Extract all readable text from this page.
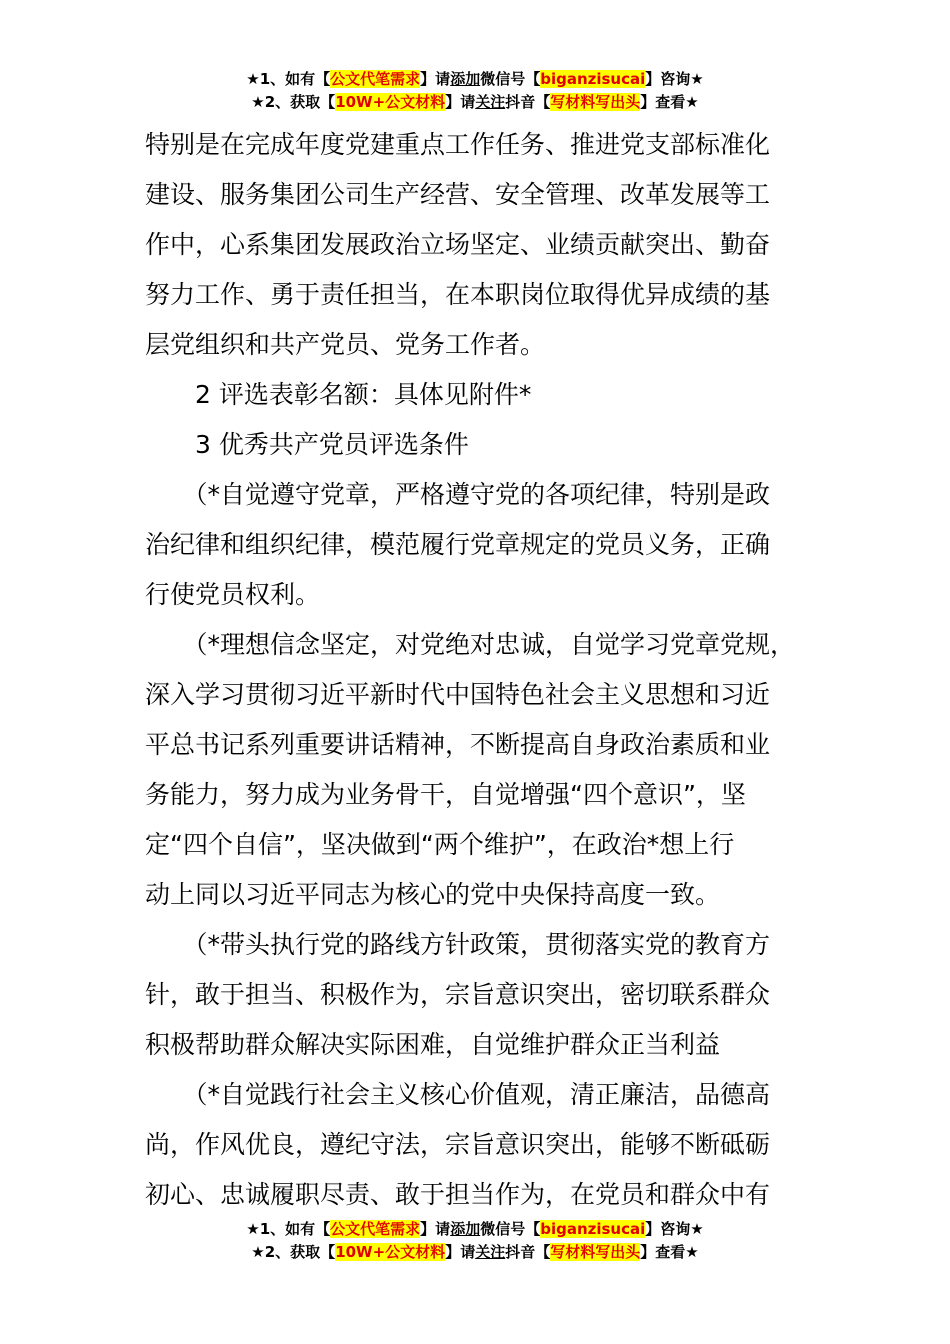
★1、如有【公文代笔需求】请添加微信号【biganzisucai】咨询★
★2、获取【10W+公文材料】请关注抖音【写材料写出头】查看★

特别是在完成年度党建重点工作任务、推进党支部标准化

建设、服务集团公司生产经营、安全管理、改革发展等工

作中，心系集团发展政治立场坚定、业绩贡献突出、勤奋

努力工作、勇于责任担当，在本职岗位取得优异成绩的基

层党组织和共产党员、党务工作者。

　　2 评选表彰名额：具体见附件*

　　3 优秀共产党员评选条件

　　（*自觉遵守党章，严格遵守党的各项纪律，特别是政

治纪律和组织纪律，模范履行党章规定的党员义务，正确

行使党员权利。

　　（*理想信念坚定，对党绝对忠诚，自觉学习党章党规，

深入学习贯彻习近平新时代中国特色社会主义思想和习近

平总书记系列重要讲话精神，不断提高自身政治素质和业

务能力，努力成为业务骨干，自觉增强“四个意识”，坚

定“四个自信”，坚决做到“两个维护”，在政治*想上行

动上同以习近平同志为核心的党中央保持高度一致。

　　（*带头执行党的路线方针政策，贯彻落实党的教育方

针，敢于担当、积极作为，宗旨意识突出，密切联系群众

积极帮助群众解决实际困难，自觉维护群众正当利益

　　（*自觉践行社会主义核心价值观，清正廉洁，品德高

尚，作风优良，遵纪守法，宗旨意识突出，能够不断砥砺

初心、忠诚履职尽责、敢于担当作为，在党员和群众中有

★1、如有【公文代笔需求】请添加微信号【biganzisucai】咨询★
★2、获取【10W+公文材料】请关注抖音【写材料写出头】查看★
